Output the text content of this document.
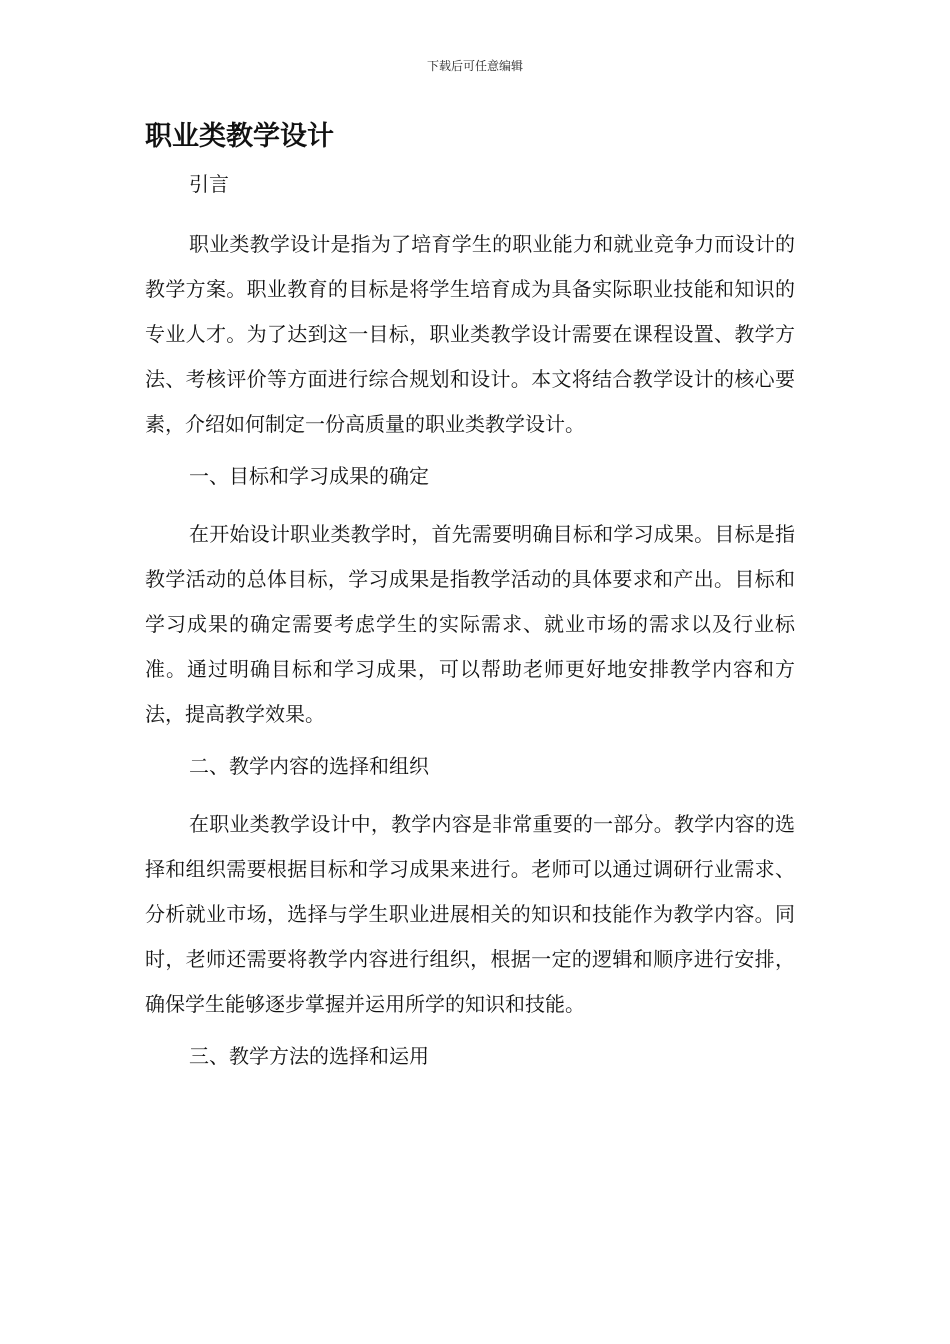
下载后可任意编辑
职业类教学设计
引言

职业类教学设计是指为了培育学生的职业能力和就业竞争力而设计的教学方案。职业教育的目标是将学生培育成为具备实际职业技能和知识的专业人才。为了达到这一目标，职业类教学设计需要在课程设置、教学方法、考核评价等方面进行综合规划和设计。本文将结合教学设计的核心要素，介绍如何制定一份高质量的职业类教学设计。

一、目标和学习成果的确定

在开始设计职业类教学时，首先需要明确目标和学习成果。目标是指教学活动的总体目标，学习成果是指教学活动的具体要求和产出。目标和学习成果的确定需要考虑学生的实际需求、就业市场的需求以及行业标准。通过明确目标和学习成果，可以帮助老师更好地安排教学内容和方法，提高教学效果。

二、教学内容的选择和组织

在职业类教学设计中，教学内容是非常重要的一部分。教学内容的选择和组织需要根据目标和学习成果来进行。老师可以通过调研行业需求、分析就业市场，选择与学生职业进展相关的知识和技能作为教学内容。同时，老师还需要将教学内容进行组织，根据一定的逻辑和顺序进行安排，确保学生能够逐步掌握并运用所学的知识和技能。

三、教学方法的选择和运用
